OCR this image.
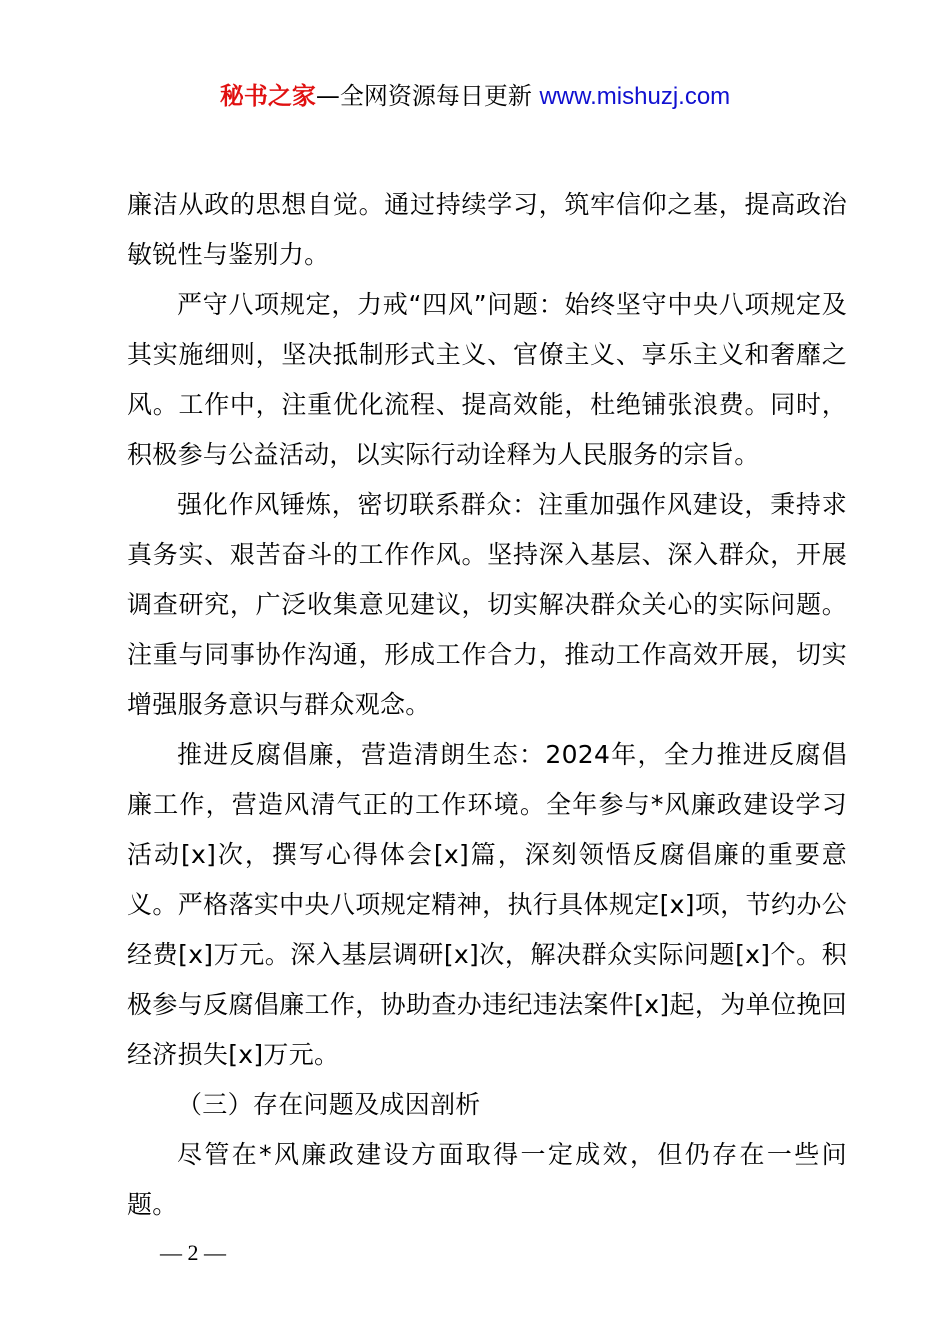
秘书之家—全网资源每日更新 www.mishuzj.com

廉洁从政的思想自觉。通过持续学习，筑牢信仰之基，提高政治敏锐性与鉴别力。

严守八项规定，力戒“四风”问题：始终坚守中央八项规定及其实施细则，坚决抵制形式主义、官僚主义、享乐主义和奢靡之风。工作中，注重优化流程、提高效能，杜绝铺张浪费。同时，积极参与公益活动，以实际行动诠释为人民服务的宗旨。

强化作风锤炼，密切联系群众：注重加强作风建设，秉持求真务实、艰苦奋斗的工作作风。坚持深入基层、深入群众，开展调查研究，广泛收集意见建议，切实解决群众关心的实际问题。注重与同事协作沟通，形成工作合力，推动工作高效开展，切实增强服务意识与群众观念。

推进反腐倡廉，营造清朗生态：2024年，全力推进反腐倡廉工作，营造风清气正的工作环境。全年参与*风廉政建设学习活动[x]次，撰写心得体会[x]篇，深刻领悟反腐倡廉的重要意义。严格落实中央八项规定精神，执行具体规定[x]项，节约办公经费[x]万元。深入基层调研[x]次，解决群众实际问题[x]个。积极参与反腐倡廉工作，协助查办违纪违法案件[x]起，为单位挽回经济损失[x]万元。

（三）存在问题及成因剖析

尽管在*风廉政建设方面取得一定成效，但仍存在一些问题。

— 2 —
